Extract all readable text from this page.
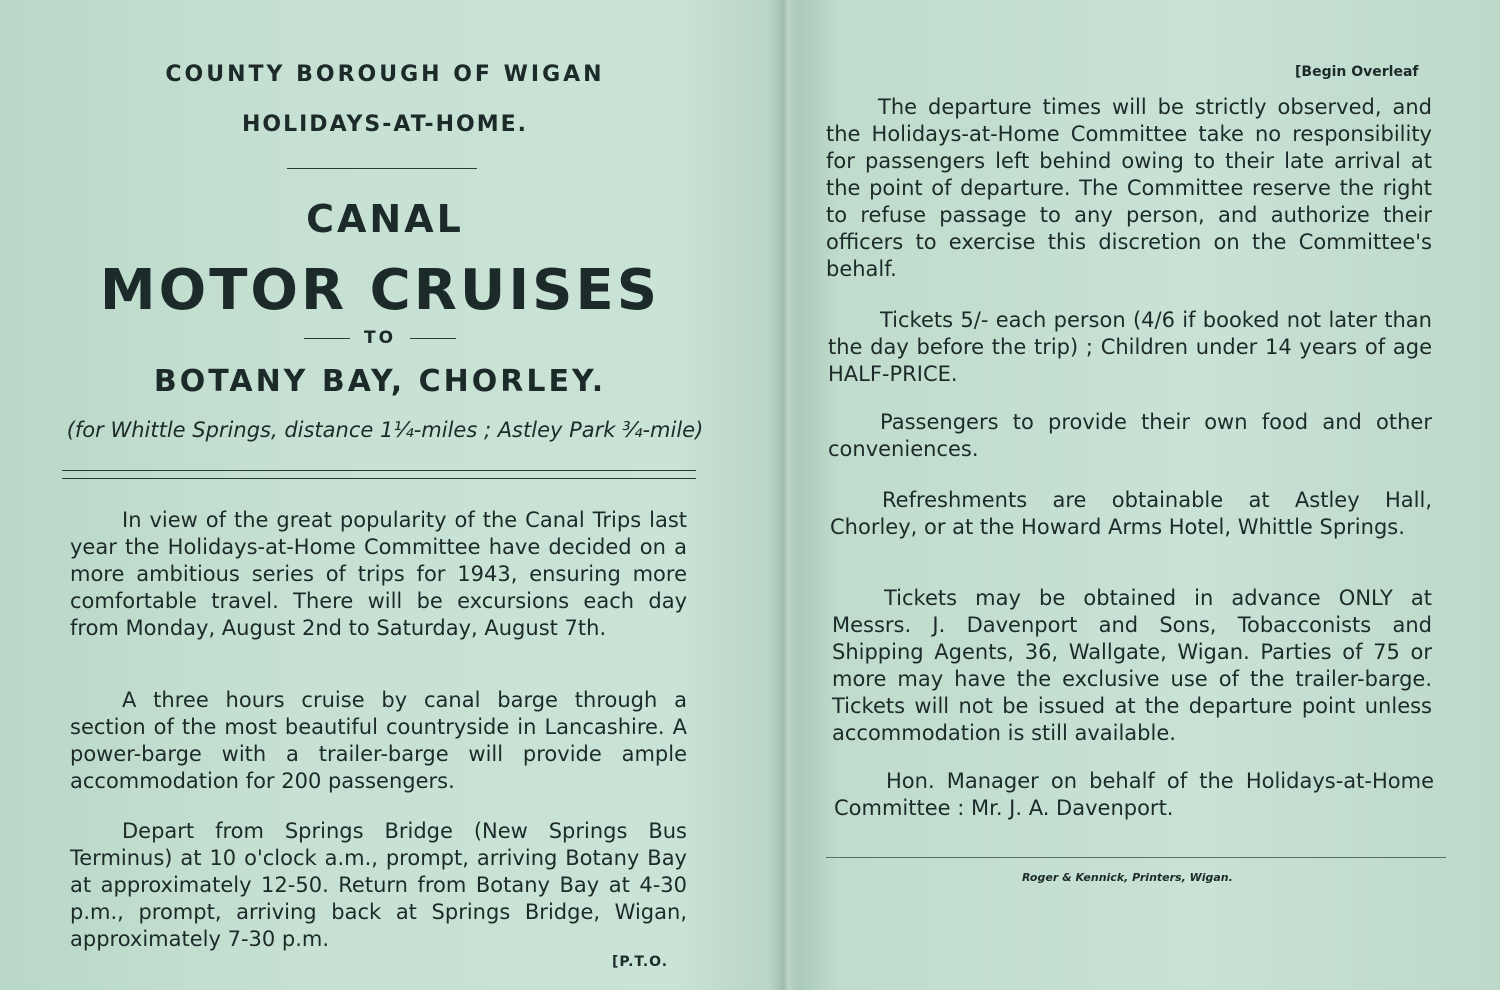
COUNTY BOROUGH OF WIGAN
HOLIDAYS-AT-HOME.
CANAL
MOTOR CRUISES
TO
BOTANY BAY, CHORLEY.
(for Whittle Springs, distance 1¼-miles ; Astley Park ¾-mile)

In view of the great popularity of the Canal Trips last year the Holidays-at-Home Committee have decided on a more ambitious series of trips for 1943, ensuring more comfortable travel. There will be excursions each day from Monday, August 2nd to Saturday, August 7th.

A three hours cruise by canal barge through a section of the most beautiful countryside in Lancashire. A power-barge with a trailer-barge will provide ample accommodation for 200 passengers.

Depart from Springs Bridge (New Springs Bus Terminus) at 10 o'clock a.m., prompt, arriving Botany Bay at approximately 12-50. Return from Botany Bay at 4-30 p.m., prompt, arriving back at Springs Bridge, Wigan, approximately 7-30 p.m.

[P.T.O.
[Begin Overleaf

The departure times will be strictly observed, and the Holidays-at-Home Committee take no responsibility for passengers left behind owing to their late arrival at the point of departure. The Committee reserve the right to refuse passage to any person, and authorize their officers to exercise this discretion on the Committee's behalf.

Tickets 5/- each person (4/6 if booked not later than the day before the trip) ; Children under 14 years of age HALF-PRICE.

Passengers to provide their own food and other conveniences.

Refreshments are obtainable at Astley Hall, Chorley, or at the Howard Arms Hotel, Whittle Springs.

Tickets may be obtained in advance ONLY at Messrs. J. Davenport and Sons, Tobacconists and Shipping Agents, 36, Wallgate, Wigan. Parties of 75 or more may have the exclusive use of the trailer-barge. Tickets will not be issued at the departure point unless accommodation is still available.

Hon. Manager on behalf of the Holidays-at-Home Committee : Mr. J. A. Davenport.

Roger & Kennick, Printers, Wigan.
